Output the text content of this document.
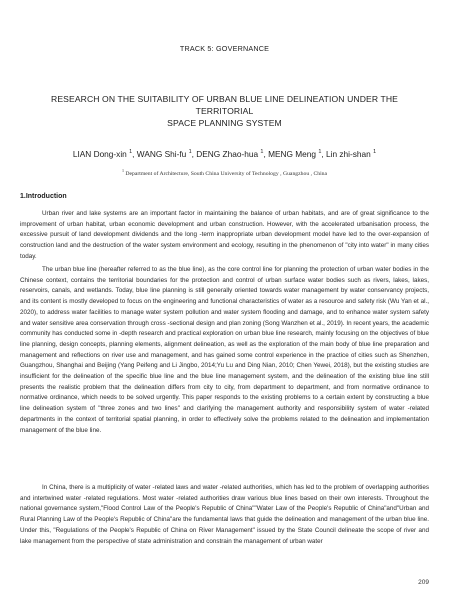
TRACK 5: GOVERNANCE
RESEARCH ON THE SUITABILITY OF URBAN BLUE LINE DELINEATION UNDER THE TERRITORIAL
SPACE PLANNING SYSTEM
LIAN Dong-xin $^1$, WANG Shi-fu $^1$, DENG Zhao-hua $^1$, MENG Meng $^1$, Lin zhi-shan $^1$
$^1$ Department of Architecture, South China University of Technology , Guangzhou , China
1.Introduction
Urban river and lake systems are an important factor in maintaining the balance of urban habitats, and are of great significance to the improvement of urban habitat, urban economic development and urban construction. However, with the accelerated urbanisation process, the excessive pursuit of land development dividends and the long -term inappropriate urban development model have led to the over-expansion of construction land and the destruction of the water system environment and ecology, resulting in the phenomenon of "city into water" in many cities today.
The urban blue line (hereafter referred to as the blue line), as the core control line for planning the protection of urban water bodies in the Chinese context, contains the territorial boundaries for the protection and control of urban surface water bodies such as rivers, lakes, lakes, reservoirs, canals, and wetlands. Today, blue line planning is still generally oriented towards water management by water conservancy projects, and its content is mostly developed to focus on the engineering and functional characteristics of water as a resource and safety risk (Wu Yan et al., 2020), to address water facilities to manage water system pollution and water system flooding and damage, and to enhance water system safety and water sensitive area conservation through cross -sectional design and plan zoning (Song Wanzhen et al., 2019). In recent years, the academic community has conducted some in -depth research and practical exploration on urban blue line research, mainly focusing on the objectives of blue line planning, design concepts, planning elements, alignment delineation, as well as the exploration of the main body of blue line preparation and management and reflections on river use and management, and has gained some control experience in the practice of cities such as Shenzhen, Guangzhou, Shanghai and Beijing (Yang Peifeng and Li Jingbo, 2014;Yu Lu and Ding Nian, 2010; Chen Yewei, 2018), but the existing studies are insufficient for the delineation of the specific blue line and the blue line management system, and the delineation of the existing blue line still presents the realistic problem that the delineation differs from city to city, from department to department, and from normative ordinance to normative ordinance, which needs to be solved urgently. This paper responds to the existing problems to a certain extent by constructing a blue line delineation system of "three zones and two lines" and clarifying the management authority and responsibility system of water -related departments in the context of territorial spatial planning, in order to effectively solve the problems related to the delineation and implementation management of the blue line.
In China, there is a multiplicity of water -related laws and water -related authorities, which has led to the problem of overlapping authorities and intertwined water -related regulations. Most water -related authorities draw various blue lines based on their own interests. Throughout the national governance system,"Flood Control Law of the People's Republic of China""Water Law of the People's Republic of China"and"Urban and Rural Planning Law of the People's Republic of China"are the fundamental laws that guide the delineation and management of the urban blue line. Under this, "Regulations of the People's Republic of China on River Management" issued by the State Council delineate the scope of river and lake management from the perspective of state administration and constrain the management of urban water
209
